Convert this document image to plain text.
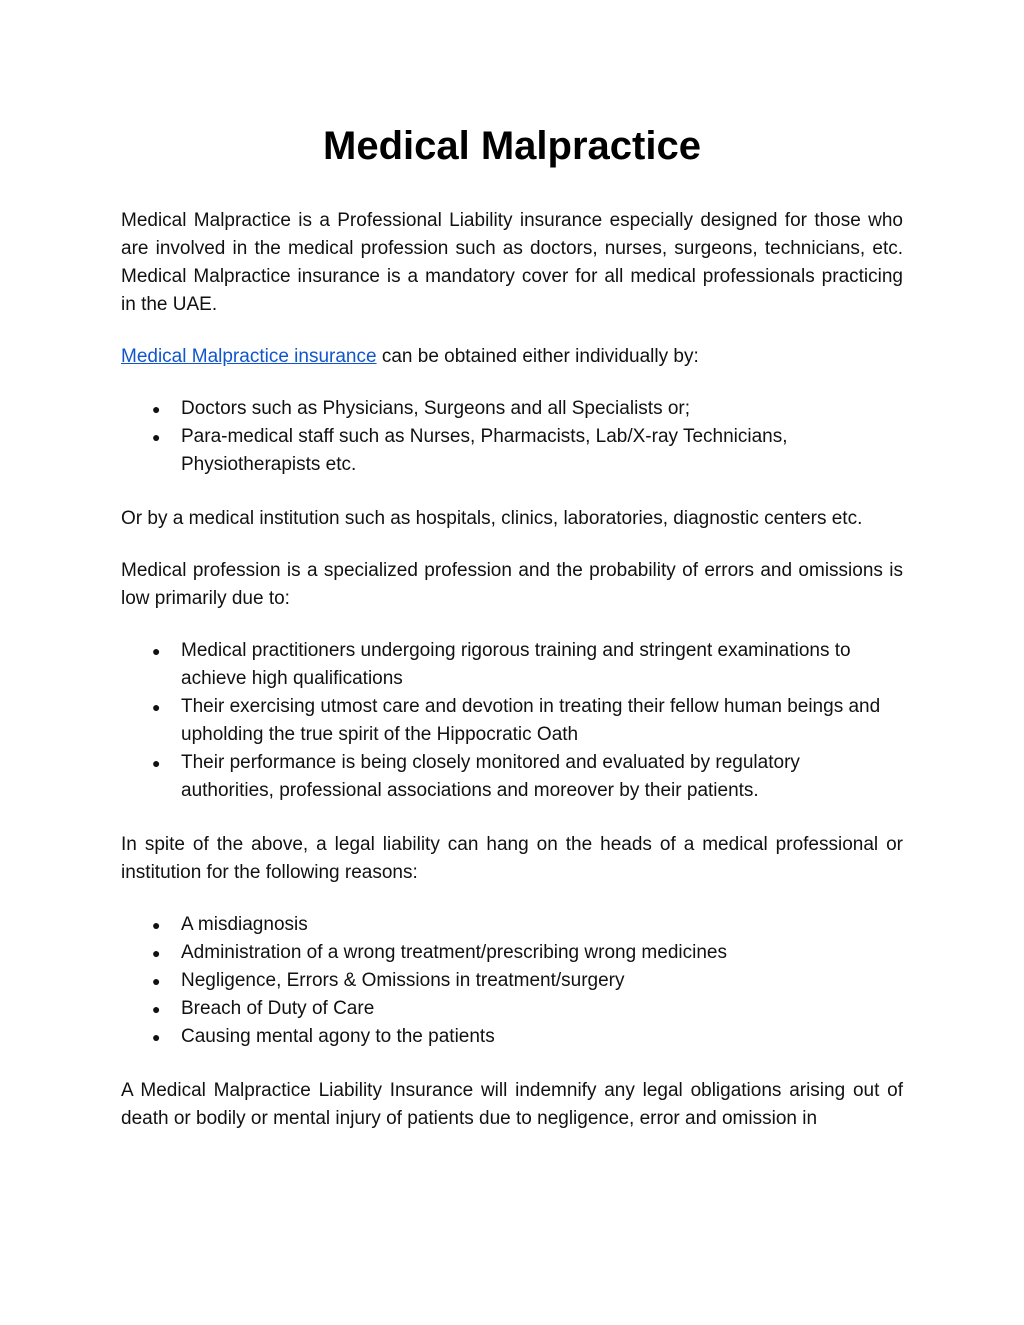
Medical Malpractice

Medical Malpractice is a Professional Liability insurance especially designed for those who are involved in the medical profession such as doctors, nurses, surgeons, technicians, etc. Medical Malpractice insurance is a mandatory cover for all medical professionals practicing in the UAE.

Medical Malpractice insurance can be obtained either individually by:

● Doctors such as Physicians, Surgeons and all Specialists or;
● Para-medical staff such as Nurses, Pharmacists, Lab/X-ray Technicians, Physiotherapists etc.

Or by a medical institution such as hospitals, clinics, laboratories, diagnostic centers etc.

Medical profession is a specialized profession and the probability of errors and omissions is low primarily due to:

● Medical practitioners undergoing rigorous training and stringent examinations to achieve high qualifications
● Their exercising utmost care and devotion in treating their fellow human beings and upholding the true spirit of the Hippocratic Oath
● Their performance is being closely monitored and evaluated by regulatory authorities, professional associations and moreover by their patients.

In spite of the above, a legal liability can hang on the heads of a medical professional or institution for the following reasons:

● A misdiagnosis
● Administration of a wrong treatment/prescribing wrong medicines
● Negligence, Errors & Omissions in treatment/surgery
● Breach of Duty of Care
● Causing mental agony to the patients

A Medical Malpractice Liability Insurance will indemnify any legal obligations arising out of death or bodily or mental injury of patients due to negligence, error and omission in
